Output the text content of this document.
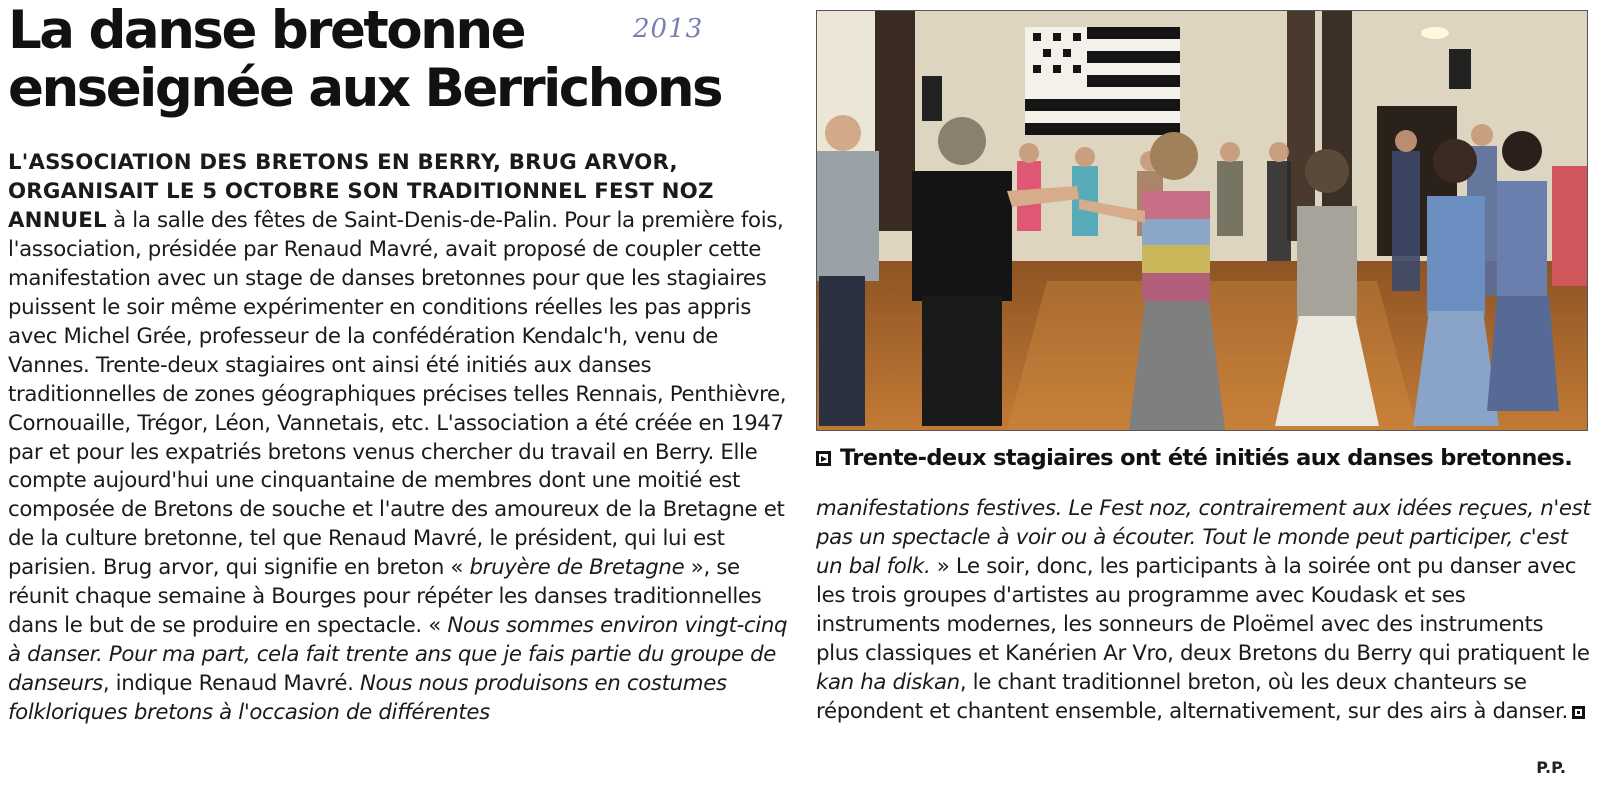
La danse bretonne enseignée aux Berrichons
2013
L'ASSOCIATION DES BRETONS EN BERRY, BRUG ARVOR, ORGANISAIT LE 5 OCTOBRE SON TRADITIONNEL FEST NOZ ANNUEL à la salle des fêtes de Saint-Denis-de-Palin. Pour la première fois, l'association, présidée par Renaud Mavré, avait proposé de coupler cette manifestation avec un stage de danses bretonnes pour que les stagiaires puissent le soir même expérimenter en conditions réelles les pas appris avec Michel Grée, professeur de la confédération Kendalc'h, venu de Vannes. Trente-deux stagiaires ont ainsi été initiés aux danses traditionnelles de zones géographiques précises telles Rennais, Penthièvre, Cornouaille, Trégor, Léon, Vannetais, etc. L'association a été créée en 1947 par et pour les expatriés bretons venus chercher du travail en Berry. Elle compte aujourd'hui une cinquantaine de membres dont une moitié est composée de Bretons de souche et l'autre des amoureux de la Bretagne et de la culture bretonne, tel que Renaud Mavré, le président, qui lui est parisien. Brug arvor, qui signifie en breton « bruyère de Bretagne », se réunit chaque semaine à Bourges pour répéter les danses traditionnelles dans le but de se produire en spectacle. « Nous sommes environ vingt-cinq à danser. Pour ma part, cela fait trente ans que je fais partie du groupe de danseurs, indique Renaud Mavré. Nous nous produisons en costumes folkloriques bretons à l'occasion de différentes
Trente-deux stagiaires ont été initiés aux danses bretonnes.
manifestations festives. Le Fest noz, contrairement aux idées reçues, n'est pas un spectacle à voir ou à écouter. Tout le monde peut participer, c'est un bal folk. » Le soir, donc, les participants à la soirée ont pu danser avec les trois groupes d'artistes au programme avec Koudask et ses instruments modernes, les sonneurs de Ploëmel avec des instruments plus classiques et Kanérien Ar Vro, deux Bretons du Berry qui pratiquent le kan ha diskan, le chant traditionnel breton, où les deux chanteurs se répondent et chantent ensemble, alternativement, sur des airs à danser.
P.P.
